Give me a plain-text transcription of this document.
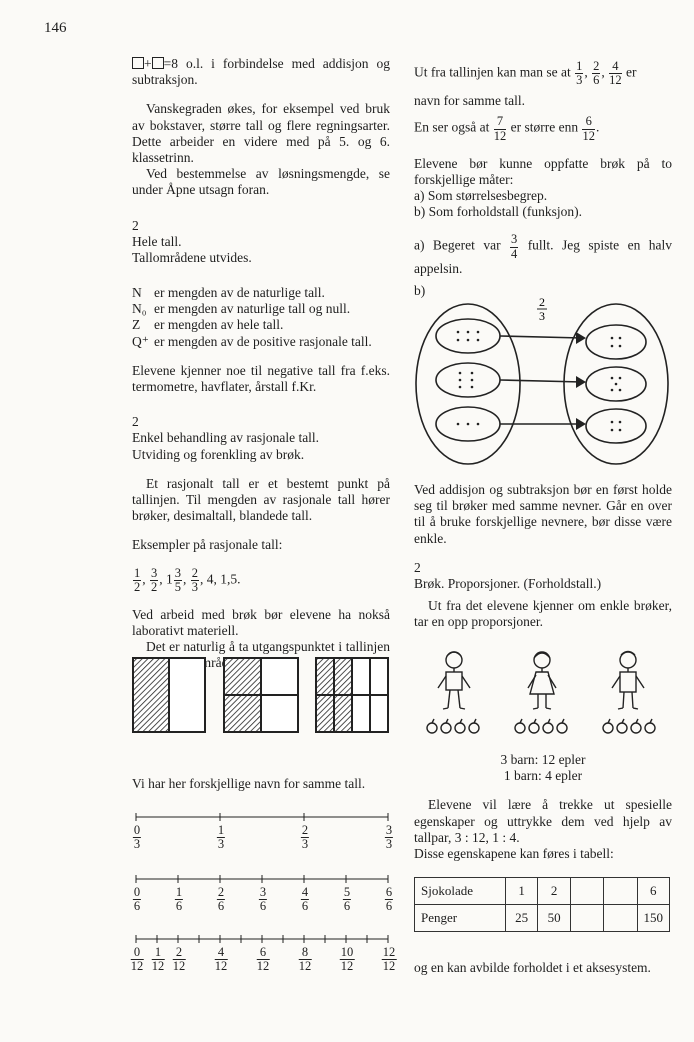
146

+ =8 o.l. i forbindelse med addisjon og subtraksjon.

Vanskegraden økes, for eksempel ved bruk av bokstaver, større tall og flere regningsarter. Dette arbeider en videre med på 5. og 6. klassetrinn.

Ved bestemmelse av løsningsmengde, se under Åpne utsagn foran.

2

Hele tall.

Tallområdene utvides.

N er mengden av de naturlige tall.
N₀ er mengden av naturlige tall og null.
Z	er mengden av hele tall.
Q⁺ er mengden av de positive rasjonale tall.

Elevene kjenner noe til negative tall fra f.eks. termometre, havflater, årstall f.Kr.

2

Enkel behandling av rasjonale tall.

Utviding og forenkling av brøk.

Et rasjonalt tall er et bestemt punkt på tallinjen. Til mengden av rasjonale tall hører brøker, desimaltall, blandede tall.

Eksempler på rasjonale tall:

$\frac{1}{2}$ , $\frac{3}{2}$ , $1 \frac{3}{5}$ , $\frac{2}{3}$ , 4, 1,5.

Ved arbeid med brøk bør elevene ha nokså laborativt materiell.

Det er naturlig å ta utgangspunktet i tallinjen

Vi har her forskjellige navn for samme tall.

$\frac{0}{3}$	$\frac{1}{3}$	$\frac{2}{3}$	$\frac{3}{3}$
$\frac{0}{6}$	$\frac{1}{6}$	$\frac{2}{6}$	$\frac{3}{6}$	$\frac{4}{6}$	$\frac{5}{6}$	$\frac{6}{6}$
$\frac{0}{12} \frac{1}{12} \frac{2}{12} \frac{4}{12} \frac{6}{12} \frac{8}{12} \frac{10}{12} \frac{12}{12}$

Ut fra tallinjen kan man se at $\frac{1}{3}$ , $\frac{2}{6}$ , $\frac{4}{12}$ er

navn for samme tall.

En ser også at $\frac{7}{12}$ er større enn $\frac{6}{12}$ .

Elevene bør kunne oppfatte brøk på to forskjellige måter:

a) Som størrelsesbegrep.

b) Som forholdstall (funksjon).

a) Begeret var $\frac{3}{4}$ fullt. Jeg spiste en halv appelsin.

b)

2
3

Ved addisjon og subtraksjon bør en først holde seg til brøker med samme nevner. Går en over til å bruke forskjellige nevnere, bør disse være enkle.

2

Brøk. Proporsjoner. (Forholdstall.)

Ut fra det elevene kjenner om enkle brøker, tar en opp proporsjoner.

3 barn: 12 epler

1 barn: 4 epler

Elevene vil lære å trekke ut spesielle egenskaper og uttrykke dem ved hjelp av tallpar, 3 : 12, 1 : 4.

Disse egenskapene kan føres i tabell:

Sjokolade	1	2			6
Penger	25	50			150

og en kan avbilde forholdet i et aksesystem.
